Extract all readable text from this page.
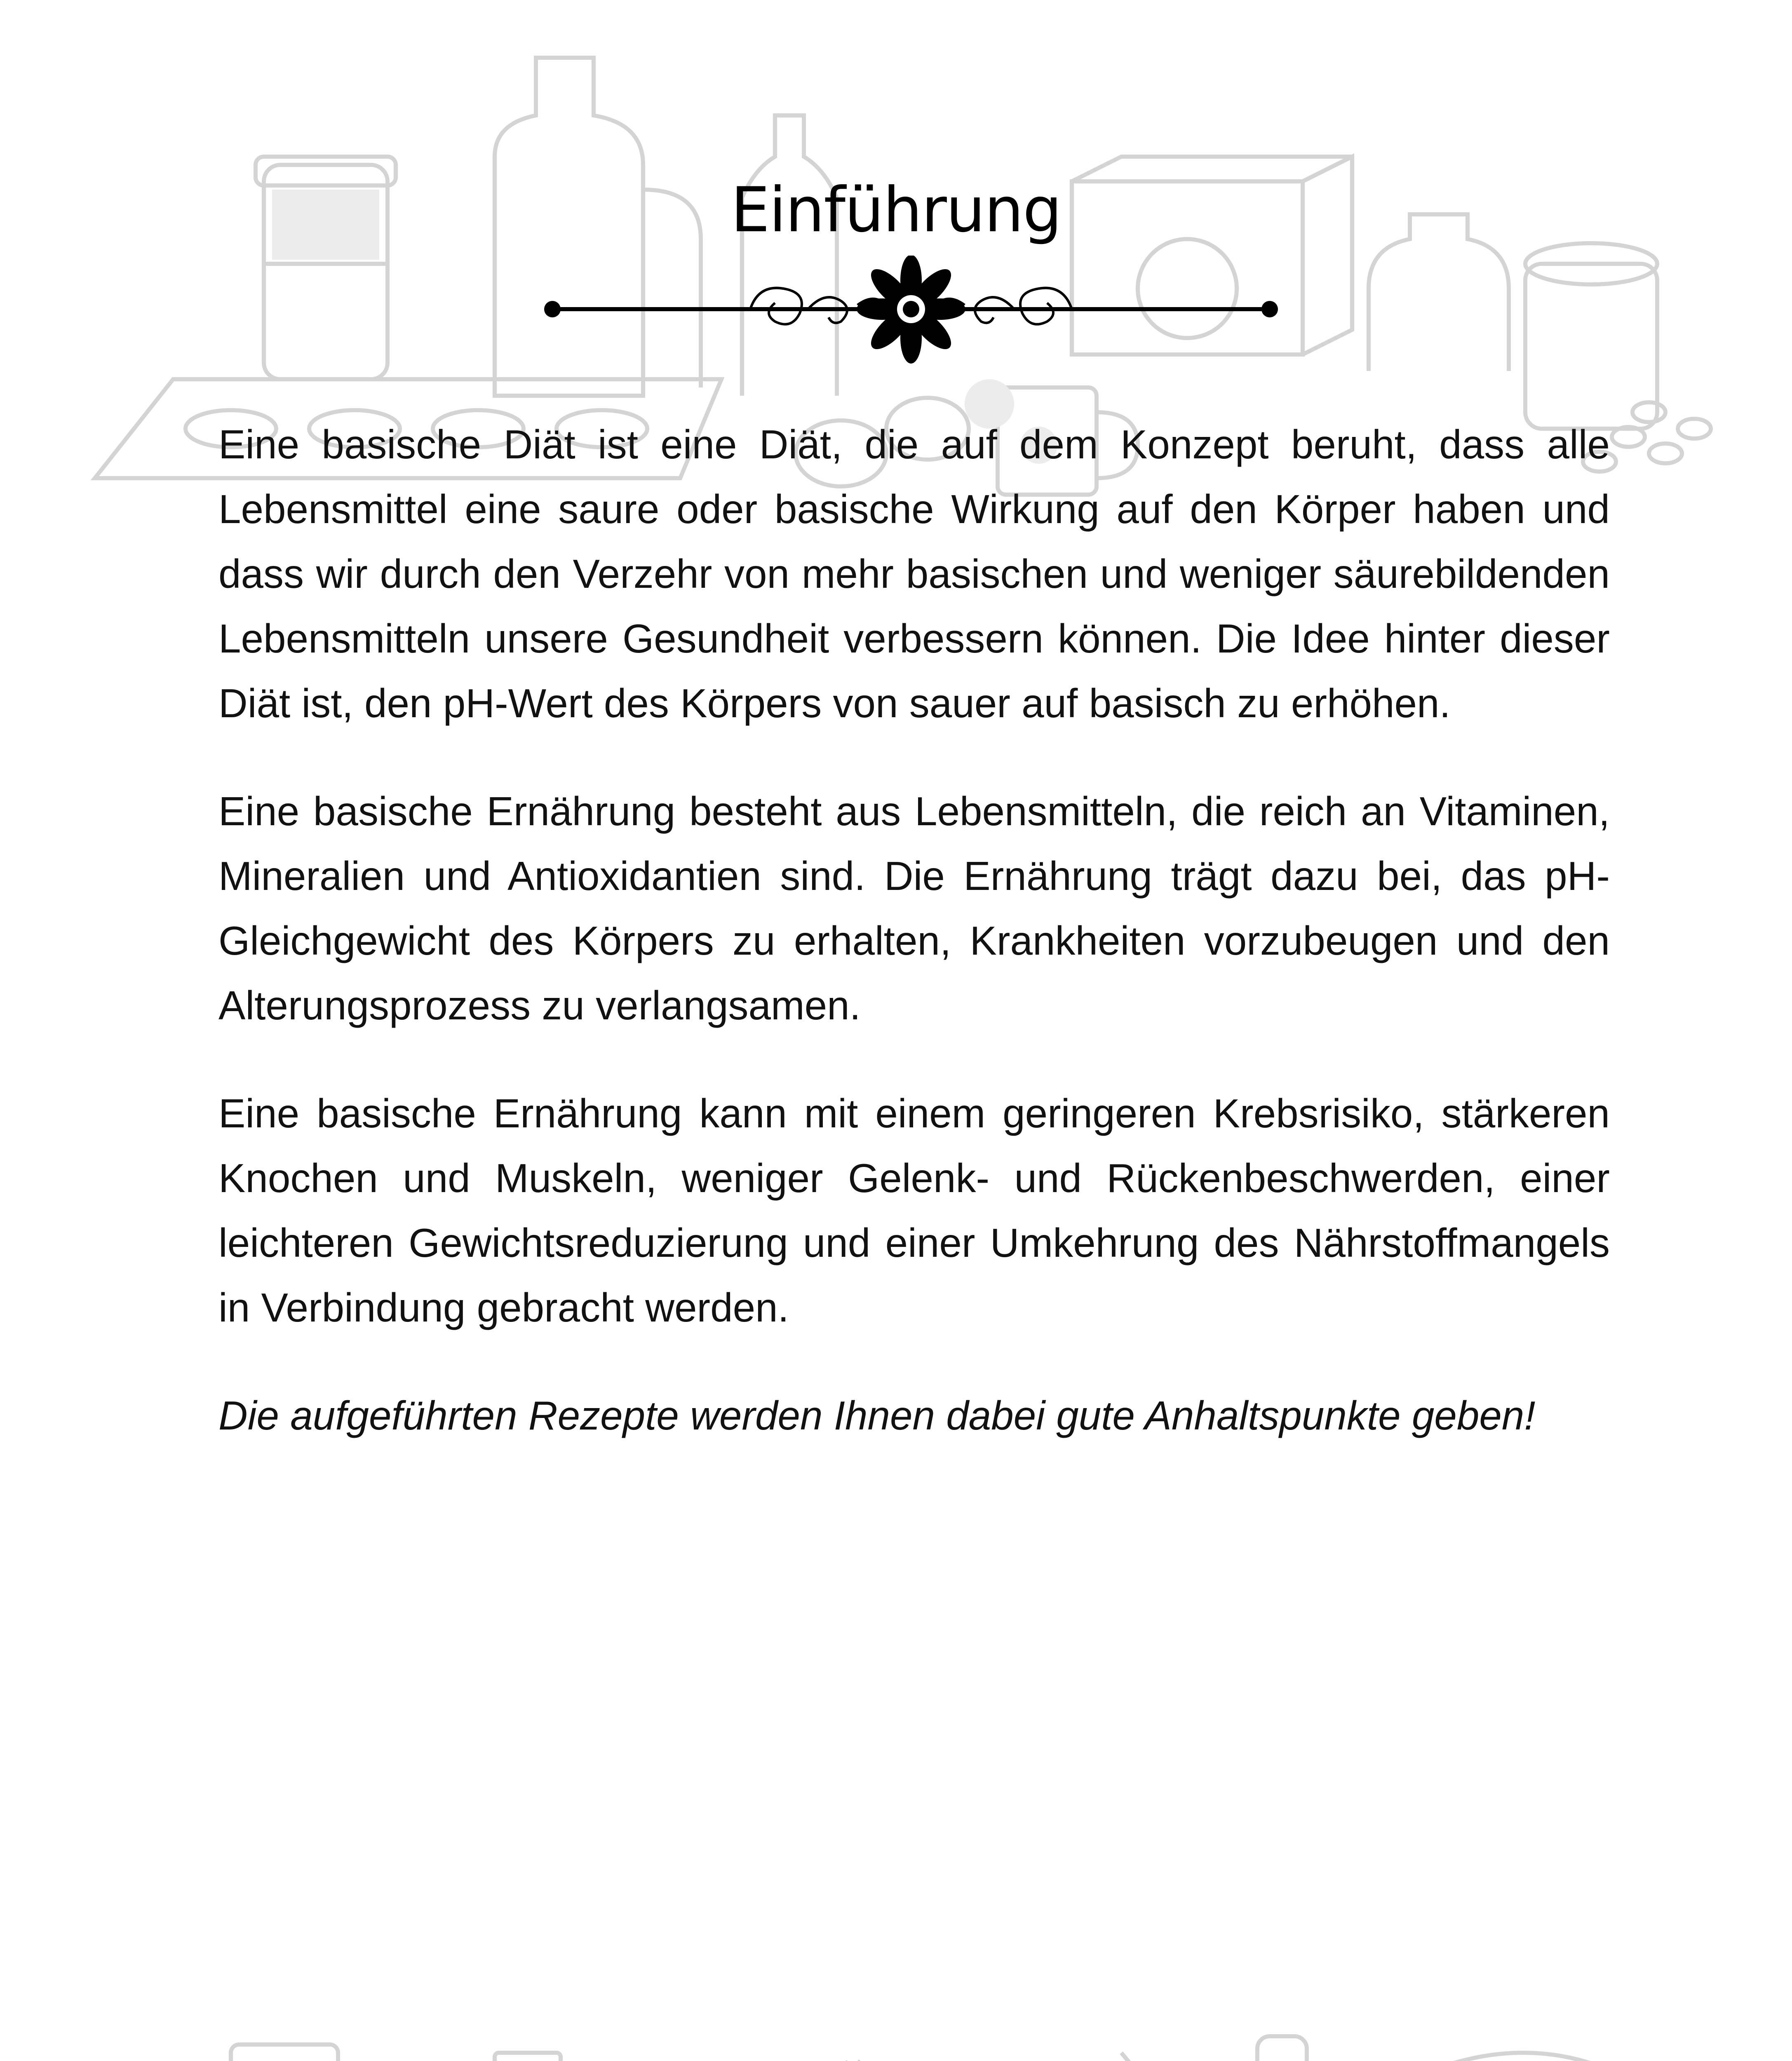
Einführung

Eine basische Diät ist eine Diät, die auf dem Konzept beruht, dass alle Lebensmittel eine saure oder basische Wirkung auf den Körper haben und dass wir durch den Verzehr von mehr basischen und weniger säurebildenden Lebensmitteln unsere Gesundheit verbessern können. Die Idee hinter dieser Diät ist, den pH-Wert des Körpers von sauer auf basisch zu erhöhen.

Eine basische Ernährung besteht aus Lebensmitteln, die reich an Vitaminen, Mineralien und Antioxidantien sind. Die Ernährung trägt dazu bei, das pH-Gleichgewicht des Körpers zu erhalten, Krankheiten vorzubeugen und den Alterungsprozess zu verlangsamen.

Eine basische Ernährung kann mit einem geringeren Krebsrisiko, stärkeren Knochen und Muskeln, weniger Gelenk- und Rückenbeschwerden, einer leichteren Gewichtsreduzierung und einer Umkehrung des Nährstoffmangels in Verbindung gebracht werden.

Die aufgeführten Rezepte werden Ihnen dabei gute Anhaltspunkte geben!
